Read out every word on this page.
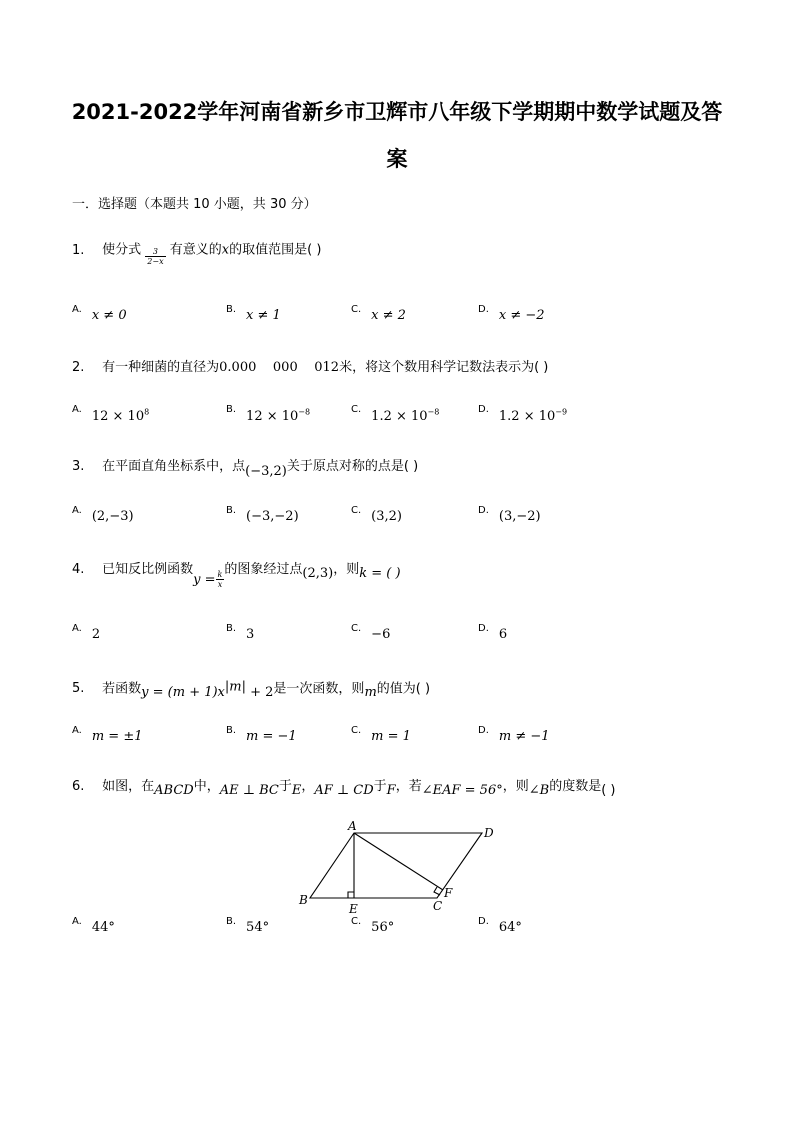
2021-2022学年河南省新乡市卫辉市八年级下学期期中数学试题及答
案
一．选择题（本题共 10 小题，共 30 分）
1. 使分式 $\frac{3}{2-x}$ 有意义的x的取值范围是( )
A. x ≠ 0	B. x ≠ 1	C. x ≠ 2	D. x ≠ −2
2. 有一种细菌的直径为0.000    000    012米，将这个数用科学记数法表示为( )
A. $12 \times 10^8$	B. $12 \times 10^{-8}$	C. $1.2 \times 10^{-8}$	D. $1.2 \times 10^{-9}$
3. 在平面直角坐标系中，点(−3,2)关于原点对称的点是( )
A. (2,−3)	B. (−3,−2)	C. (3,2)	D. (3,−2)
4. 已知反比例函数$y = \frac{k}{x}$
的图象经过点(2,3)，则k = ( )
A. 2	B. 3	C. −6	D. 6
5. 若函数$y = (m + 1)x^{|m|} + 2$是一次函数，则m的值为( )
A. m = ±1	B. m = −1	C. m = 1	D. m ≠ −1
6. 如图，在ABCD中，AE ⊥ BC于E，AF ⊥ CD于F，若∠EAF = 56°，则∠B的度数是( )
A	D
B
E	C
F
A. 44°	B. 54°	C. 56°	D. 64°
